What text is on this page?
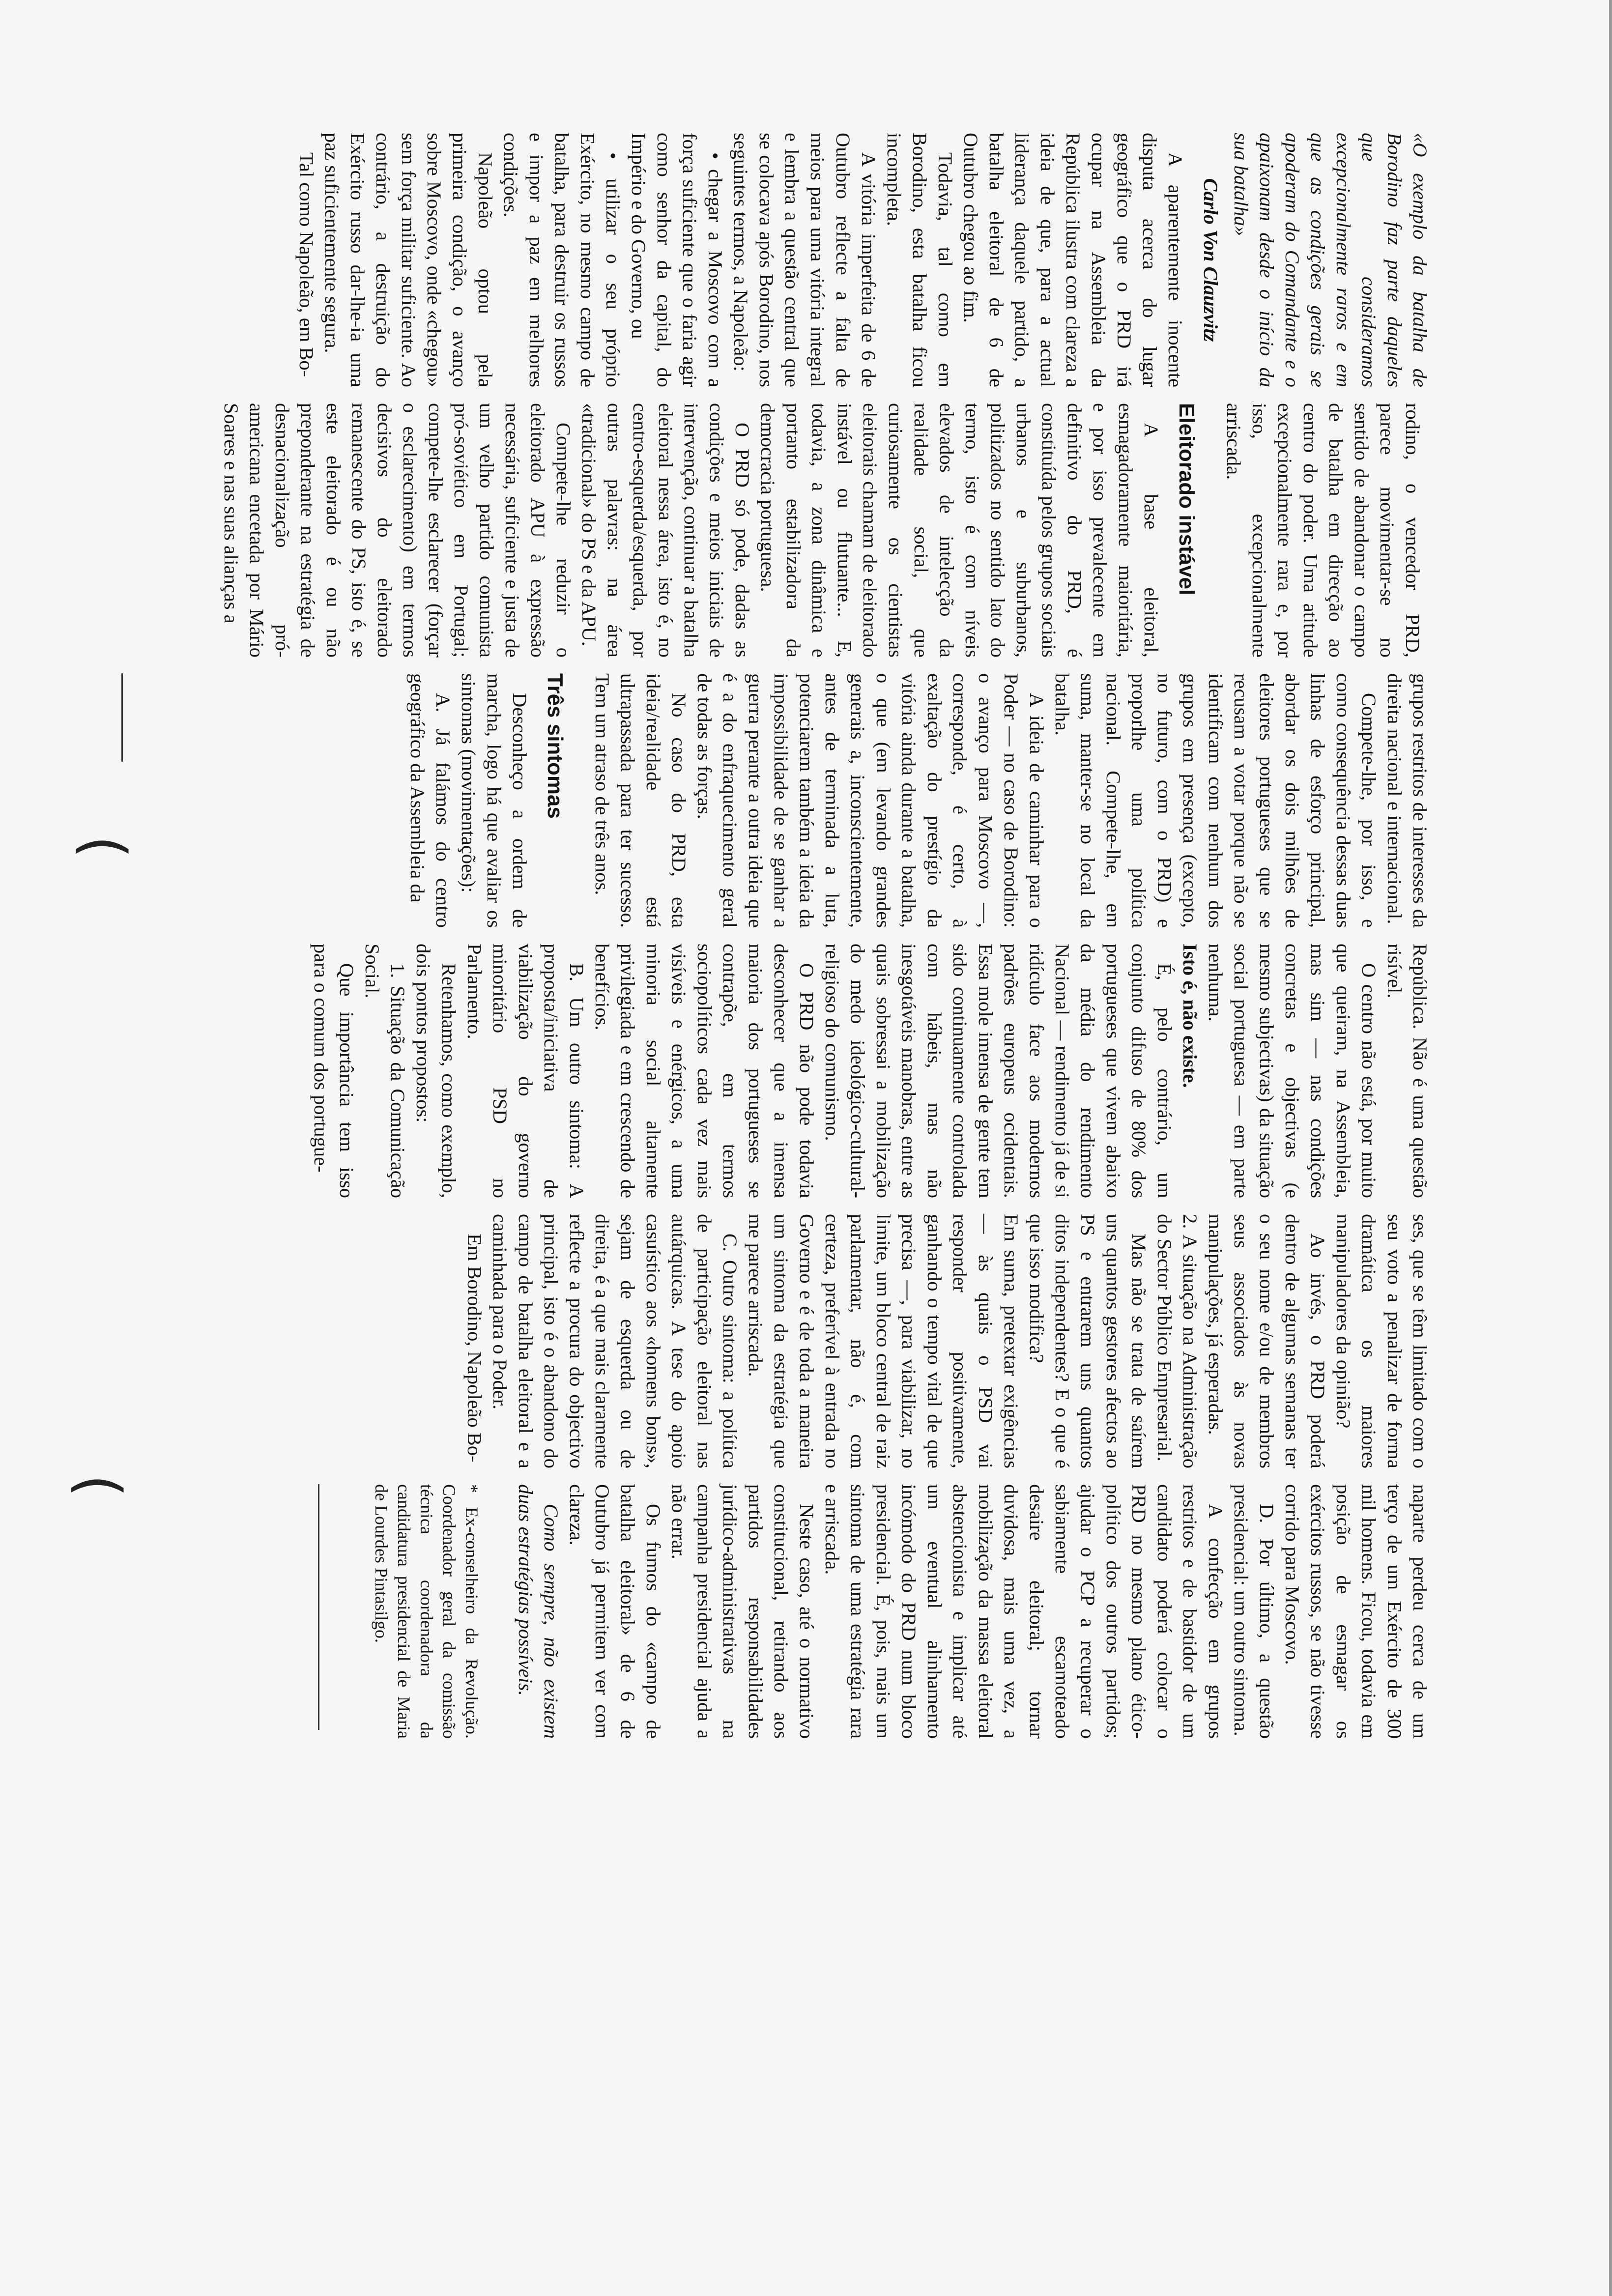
«O exemplo da batalha de Borodino faz parte daqueles que consideramos excepcionalmente raros e em que as condições gerais se apoderam do Comandante e o apaixonam desde o início da sua batalha»

Carlo Von Clauzvitz

A aparentemente inocente disputa acerca do lugar geográfico que o PRD irá ocupar na Assembleia da República ilustra com clareza a ideia de que, para a actual liderança daquele partido, a batalha eleitoral de 6 de Outubro chegou ao fim.

Todavia, tal como em Borodino, esta batalha ficou incompleta.

A vitória imperfeita de 6 de Outubro reflecte a falta de meios para uma vitória integral e lembra a questão central que se colocava após Borodino, nos seguintes termos, a Napoleão:

• chegar a Moscovo com a força suficiente que o faria agir como senhor da capital, do Império e do Governo, ou

• utilizar o seu próprio Exército, no mesmo campo de batalha, para destruir os russos e impor a paz em melhores condições.

Napoleão optou pela primeira condição, o avanço sobre Moscovo, onde «chegou» sem força militar suficiente. Ao contrário, a destruição do Exército russo dar-lhe-ia uma paz suficientemente segura.

Tal como Napoleão, em Bo-

rodino, o vencedor PRD, parece movimentar-se no sentido de abandonar o campo de batalha em direcção ao centro do poder. Uma atitude excepcionalmente rara e, por isso, excepcionalmente arriscada.

Eleitorado instável

A base eleitoral, esmagadoramente maioritária, e por isso prevalecente em definitivo do PRD, é constituída pelos grupos sociais urbanos e suburbanos, politizados no sentido lato do termo, isto é com níveis elevados de intelecção da realidade social, que curiosamente os cientistas eleitorais chamam de eleitorado instável ou flutuante... E, todavia, a zona dinâmica e portanto estabilizadora da democracia portuguesa.

O PRD só pode, dadas as condições e meios iniciais de intervenção, continuar a batalha eleitoral nessa área, isto é, no centro-esquerda/esquerda, por outras palavras: na área «tradicional» do PS e da APU.

Compete-lhe reduzir o eleitorado APU à expressão necessária, suficiente e justa de um velho partido comunista pró-soviético em Portugal; compete-lhe esclarecer (forçar o esclarecimento) em termos decisivos do eleitorado remanescente do PS, isto é, se este eleitorado é ou não preponderante na estratégia de desnacionalização pró-americana encetada por Mário Soares e nas suas alianças a

grupos restritos de interesses da direita nacional e internacional.

Compete-lhe, por isso, e como consequência dessas duas linhas de esforço principal, abordar os dois milhões de eleitores portugueses que se recusam a votar porque não se identificam com nenhum dos grupos em presença (excepto, no futuro, com o PRD) e proporlhe uma política nacional. Compete-lhe, em suma, manter-se no local da batalha.

A ideia de caminhar para o Poder — no caso de Borodino: o avanço para Moscovo —, corresponde, é certo, à exaltação do prestígio da vitória ainda durante a batalha, o que (em levando grandes generais a, inconscientemente, antes de terminada a luta, potenciarem também a ideia da impossibilidade de se ganhar a guerra perante a outra ideia que é a do enfraquecimento geral de todas as forças.

No caso do PRD, esta ideia/realidade está ultrapassada para ter sucesso. Tem um atraso de três anos.

Três sintomas

Desconheço a ordem de marcha, logo há que avaliar os sintomas (movimentações):

A. Já falámos do centro geográfico da Assembleia da

República. Não é uma questão risível.

O centro não está, por muito que queiram, na Assembleia, mas sim — nas condições concretas e objectivas (e mesmo subjectivas) da situação social portuguesa — em parte nenhuma.

Isto é, não existe.

É, pelo contrário, um conjunto difuso de 80% dos portugueses que vivem abaixo da média do rendimento Nacional — rendimento já de si ridículo face aos modernos padrões europeus ocidentais. Essa mole imensa de gente tem sido continuamente controlada com hábeis, mas não inesgotáveis manobras, entre as quais sobressai a mobilização do medo ideológico-cultural-religioso do comunismo.

O PRD não pode todavia desconhecer que a imensa maioria dos portugueses se contrapõe, em termos sociopolíticos cada vez mais visíveis e enérgicos, a uma minoria social altamente privilegiada e em crescendo de benefícios.

B. Um outro sintoma: A proposta/iniciativa de viabilização do governo minoritário PSD no Parlamento.

Retenhamos, como exemplo, dois pontos propostos:

1. Situação da Comunicação Social.

Que importância tem isso para o comum dos portugue-

ses, que se têm limitado com o seu voto a penalizar de forma dramática os maiores manipuladores da opinião?

Ao invés, o PRD poderá dentro de algumas semanas ter o seu nome e/ou de membros seus associados às novas manipulações, já esperadas.

2. A situação na Administração do Sector Público Empresarial.

Mas não se trata de saírem uns quantos gestores afectos ao PS e entrarem uns quantos ditos independentes? E o que é que isso modifica?

Em suma, pretextar exigências — às quais o PSD vai responder positivamente, ganhando o tempo vital de que precisa —, para viabilizar, no limite, um bloco central de raiz parlamentar, não é, com certeza, preferível à entrada no Governo e é de toda a maneira um sintoma da estratégia que me parece arriscada.

C. Outro sintoma: a política de participação eleitoral nas autárquicas. A tese do apoio casuístico aos «homens bons», sejam de esquerda ou de direita, é a que mais claramente reflecte a procura do objectivo principal, isto é o abandono do campo de batalha eleitoral e a caminhada para o Poder.

Em Borodino, Napoleão Bo-

naparte perdeu cerca de um terço de um Exército de 300 mil homens. Ficou, todavia em posição de esmagar os exércitos russos, se não tivesse corrido para Moscovo.

D. Por último, a questão presidencial: um outro sintoma.

A confecção em grupos restritos e de bastidor de um candidato poderá colocar o PRD no mesmo plano ético-político dos outros partidos; ajudar o PCP a recuperar o sabiamente escamoteado desaire eleitoral; tornar duvidosa, mais uma vez, a mobilização da massa eleitoral abstencionista e implicar até um eventual alinhamento incómodo do PRD num bloco presidencial. É, pois, mais um sintoma de uma estratégia rara e arriscada.

Neste caso, até o normativo constitucional, retirando aos partidos responsabilidades jurídico-administrativas na campanha presidencial ajuda a não errar.

Os fumos do «campo de batalha eleitoral» de 6 de Outubro já permitem ver com clareza.

Como sempre, não existem duas estratégias possíveis.

* Ex-conselheiro da Revolução. Coordenador geral da comissão técnica coordenadora da candidatura presidencial de Maria de Lourdes Pintasilgo.

(
(
